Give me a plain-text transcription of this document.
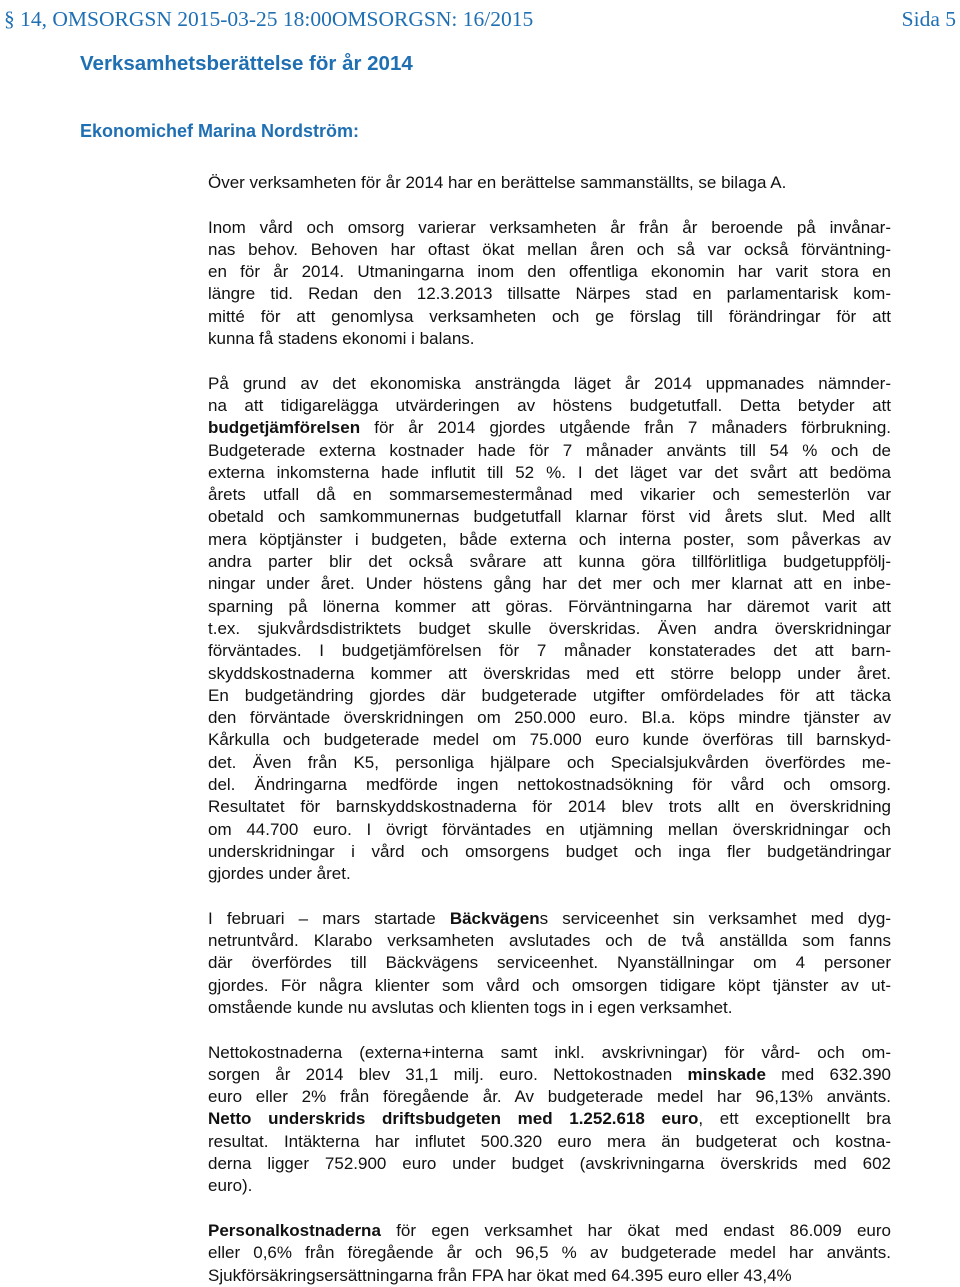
§ 14, OMSORGSN 2015-03-25 18:00OMSORGSN: 16/2015	Sida 5
Verksamhetsberättelse för år 2014
Ekonomichef Marina Nordström:
Över verksamheten för år 2014 har en berättelse sammanställts, se bilaga A.
Inom vård och omsorg varierar verksamheten år från år beroende på invånar-
nas behov. Behoven har oftast ökat mellan åren och så var också förväntning-
en för år 2014. Utmaningarna inom den offentliga ekonomin har varit stora en
längre tid. Redan den 12.3.2013 tillsatte Närpes stad en parlamentarisk kom-
mitté för att genomlysa verksamheten och ge förslag till förändringar för att
kunna få stadens ekonomi i balans.
På grund av det ekonomiska ansträngda läget år 2014 uppmanades nämnder-
na att tidigarelägga utvärderingen av höstens budgetutfall. Detta betyder att
budgetjämförelsen för år 2014 gjordes utgående från 7 månaders förbrukning.
Budgeterade externa kostnader hade för 7 månader använts till 54 % och de
externa inkomsterna hade influtit till 52 %. I det läget var det svårt att bedöma
årets utfall då en sommarsemestermånad med vikarier och semesterlön var
obetald och samkommunernas budgetutfall klarnar först vid årets slut. Med allt
mera köptjänster i budgeten, både externa och interna poster, som påverkas av
andra parter blir det också svårare att kunna göra tillförlitliga budgetuppfölj-
ningar under året. Under höstens gång har det mer och mer klarnat att en inbe-
sparning på lönerna kommer att göras. Förväntningarna har däremot varit att
t.ex. sjukvårdsdistriktets budget skulle överskridas. Även andra överskridningar
förväntades. I budgetjämförelsen för 7 månader konstaterades det att barn-
skyddskostnaderna kommer att överskridas med ett större belopp under året.
En budgetändring gjordes där budgeterade utgifter omfördelades för att täcka
den förväntade överskridningen om 250.000 euro. Bl.a. köps mindre tjänster av
Kårkulla och budgeterade medel om 75.000 euro kunde överföras till barnskyd-
det. Även från K5, personliga hjälpare och Specialsjukvården överfördes me-
del. Ändringarna medförde ingen nettokostnadsökning för vård och omsorg.
Resultatet för barnskyddskostnaderna för 2014 blev trots allt en överskridning
om 44.700 euro. I övrigt förväntades en utjämning mellan överskridningar och
underskridningar i vård och omsorgens budget och inga fler budgetändringar
gjordes under året.
I februari – mars startade Bäckvägens serviceenhet sin verksamhet med dyg-
netruntvård. Klarabo verksamheten avslutades och de två anställda som fanns
där överfördes till Bäckvägens serviceenhet. Nyanställningar om 4 personer
gjordes. För några klienter som vård och omsorgen tidigare köpt tjänster av ut-
omstående kunde nu avslutas och klienten togs in i egen verksamhet.
Nettokostnaderna (externa+interna samt inkl. avskrivningar) för vård- och om-
sorgen år 2014 blev 31,1 milj. euro. Nettokostnaden minskade med 632.390
euro eller 2% från föregående år. Av budgeterade medel har 96,13% använts.
Netto underskrids driftsbudgeten med 1.252.618 euro, ett exceptionellt bra
resultat. Intäkterna har influtet 500.320 euro mera än budgeterat och kostna-
derna ligger 752.900 euro under budget (avskrivningarna överskrids med 602
euro).
Personalkostnaderna för egen verksamhet har ökat med endast 86.009 euro
eller 0,6% från föregående år och 96,5 % av budgeterade medel har använts.
Sjukförsäkringsersättningarna från FPA har ökat med 64.395 euro eller 43,4%
